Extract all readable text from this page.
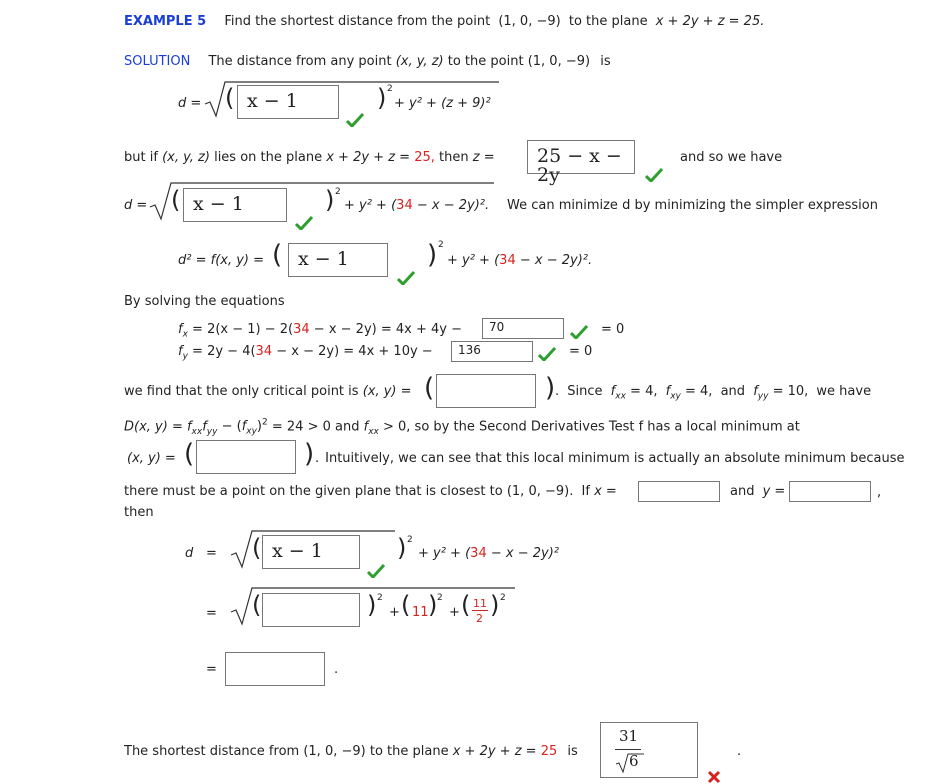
EXAMPLE 5 Find the shortest distance from the point (1, 0, −9) to the plane x + 2y + z = 25.
SOLUTION The distance from any point (x, y, z) to the point (1, 0, −9) is
d = ( x − 1	) 2
+ y² + (z + 9)²
but if (x, y, z) lies on the plane x + 2y + z = 25, then z =	25 − x − 2y
and so we have
d = ( x − 1	) 2
+ y² + (34 − x − 2y)². We can minimize d by minimizing the simpler expression
d² = f(x, y) = ( x − 1	) 2
+ y² + (34 − x − 2y)².
By solving the equations
$f_x = 2(x - 1) - 2(34 - x - 2y) = 4x + 4y$ −	70	= 0
$f_y = 2y - 4(34 - x - 2y) = 4x + 10y$ −	136	= 0
we find that the only critical point is (x, y) = (	) . Since $f_{xx} = 4$, $f_{xy} = 4$, and $f_{yy} = 10$, we have
D(x, $y) = f_{xx}f_{yy} - (f_{xy})^2 = 24 > 0$ and $f_{xx} > 0$, so by the Second Derivatives Test f has a local minimum at
(x, y) = (	) . Intuitively, we can see that this local minimum is actually an absolute minimum because
there must be a point on the given plane that is closest to (1, 0, −9). If x =	and y =	,
then
d = ( x − 1	) 2
+ y² + (34 − x − 2y)²
= (	) 2
+ ( 11 ) 2
+ ( 11
2 ) 2
=	.
The shortest distance from (1, 0, −9) to the plane x + 2y + z = 25 is
31
6
.
